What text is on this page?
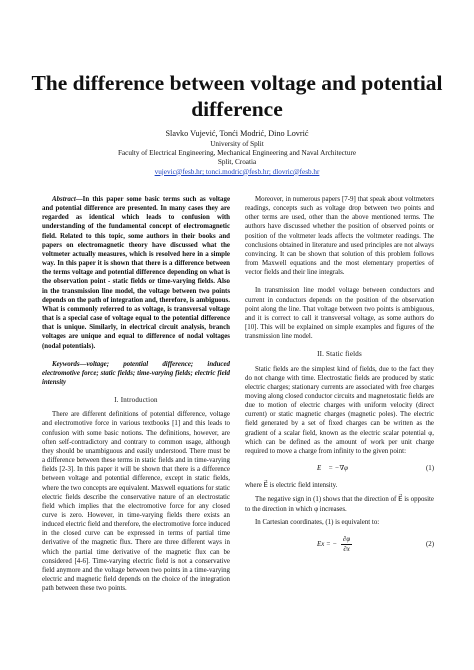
The difference between voltage and potential difference
Slavko Vujević, Tonći Modrić, Dino Lovrić
University of Split
Faculty of Electrical Engineering, Mechanical Engineering and Naval Architecture
Split, Croatia
vujevic@fesb.hr; tonci.modric@fesb.hr; dlovric@fesb.hr

Abstract—In this paper some basic terms such as voltage and potential difference are presented. In many cases they are regarded as identical which leads to confusion with understanding of the fundamental concept of electromagnetic field. Related to this topic, some authors in their books and papers on electromagnetic theory have discussed what the voltmeter actually measures, which is resolved here in a simple way. In this paper it is shown that there is a difference between the terms voltage and potential difference depending on what is the observation point - static fields or time-varying fields. Also in the transmission line model, the voltage between two points depends on the path of integration and, therefore, is ambiguous. What is commonly referred to as voltage, is transversal voltage that is a special case of voltage equal to the potential difference that is unique. Similarly, in electrical circuit analysis, branch voltages are unique and equal to difference of nodal voltages (nodal potentials).

Keywords—voltage; potential difference; induced electromotive force; static fields; time-varying fields; electric field intensity

I. Introduction

There are different definitions of potential difference, voltage and electromotive force in various textbooks [1] and this leads to confusion with some basic notions. The definitions, however, are often self-contradictory and contrary to common usage, although they should be unambiguous and easily understood. There must be a difference between these terms in static fields and in time-varying fields [2-3]. In this paper it will be shown that there is a difference between voltage and potential difference, except in static fields, where the two concepts are equivalent. Maxwell equations for static electric fields describe the conservative nature of an electrostatic field which implies that the electromotive force for any closed curve is zero. However, in time-varying fields there exists an induced electric field and therefore, the electromotive force induced in the closed curve can be expressed in terms of partial time derivative of the magnetic flux. There are three different ways in which the partial time derivative of the magnetic flux can be considered [4-6]. Time-varying electric field is not a conservative field anymore and the voltage between two points in a time-varying electric and magnetic field depends on the choice of the integration path between these two points.

Moreover, in numerous papers [7-9] that speak about voltmeters readings, concepts such as voltage drop between two points and other terms are used, other than the above mentioned terms. The authors have discussed whether the position of observed points or position of the voltmeter leads affects the voltmeter readings. The conclusions obtained in literature and used principles are not always convincing. It can be shown that solution of this problem follows from Maxwell equations and the most elementary properties of vector fields and their line integrals.

In transmission line model voltage between conductors and current in conductors depends on the position of the observation point along the line. That voltage between two points is ambiguous, and it is correct to call it transversal voltage, as some authors do [10]. This will be explained on simple examples and figures of the transmission line model.

II. Static fields

Static fields are the simplest kind of fields, due to the fact they do not change with time. Electrostatic fields are produced by static electric charges; stationary currents are associated with free charges moving along closed conductor circuits and magnetostatic fields are due to motion of electric charges with uniform velocity (direct current) or static magnetic charges (magnetic poles). The electric field generated by a set of fixed charges can be written as the gradient of a scalar field, known as the electric scalar potential φ, which can be defined as the amount of work per unit charge required to move a charge from infinity to the given point:

E⃗ = −∇φ	(1)

where E⃗ is electric field intensity.

The negative sign in (1) shows that the direction of E⃗ is opposite to the direction in which φ increases.

In Cartesian coordinates, (1) is equivalent to:

Ex = − $\frac{\partial\varphi}{\partial x}$	(2)
